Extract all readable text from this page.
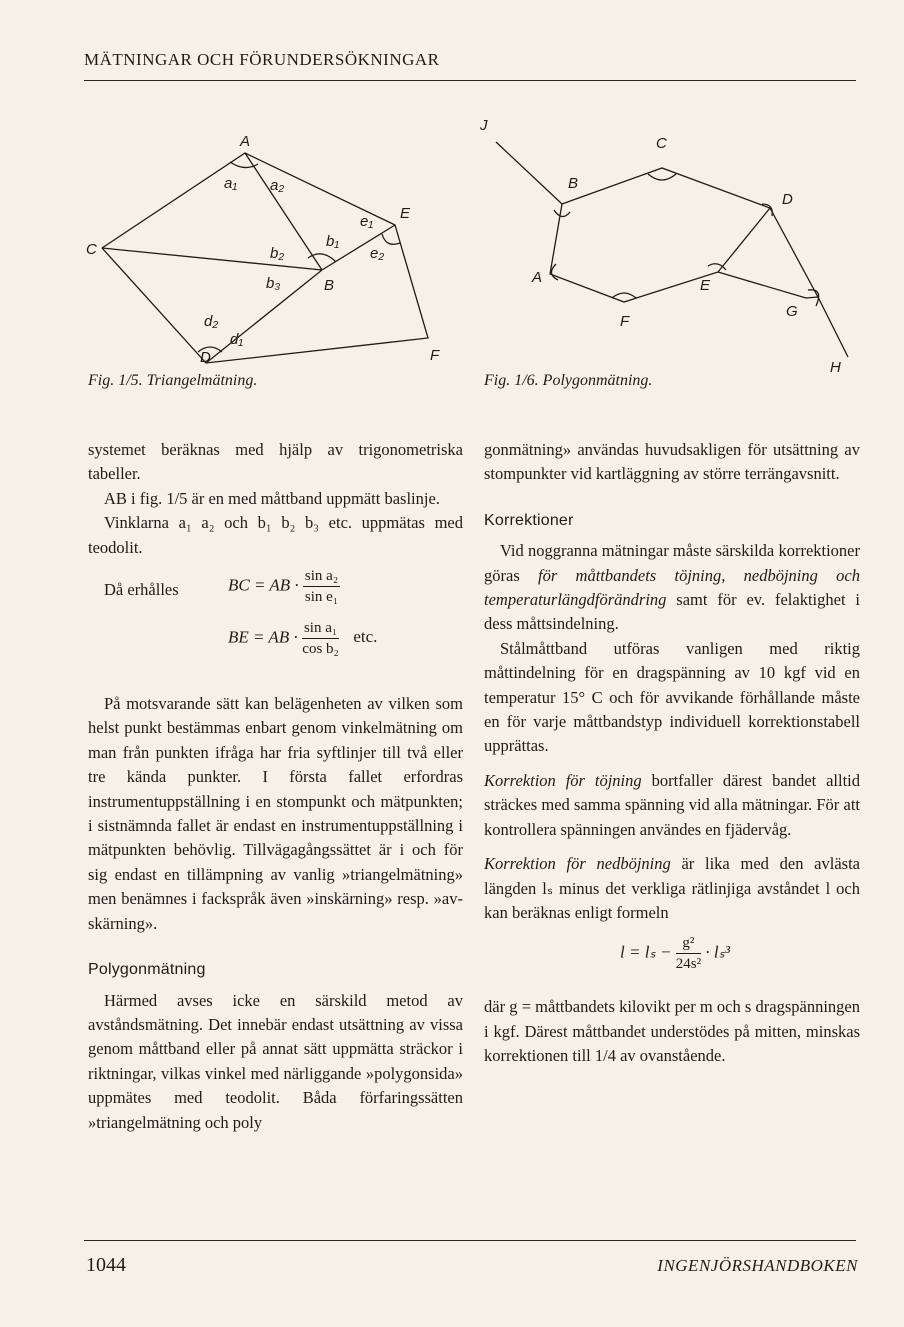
MÄTNINGAR OCH FÖRUNDERSÖKNINGAR
A
C
B
E
D	F
a₁ a₂
b₁
b₂
b₃
e₁
e₂
d₂
d₁
Fig. 1/5. Triangelmätning.
J
B
C
D
A	E
F
G
H
Fig. 1/6. Polygonmätning.

systemet beräknas med hjälp av trigonometriska tabeller.

AB i fig. 1/5 är en med måttband uppmätt baslinje.

Vinklarna a₁ a₂ och b₁ b₂ b₃ etc. uppmätas med teodolit.

Då erhålles	BC = AB · $\frac{\text{sin a₂}}{\text{sin e₁}}$
BE = AB · $\frac{\text{sin a₁}}{\text{cos b₂}}$ etc.

På motsvarande sätt kan belägenheten av vilken som helst punkt bestämmas enbart genom vinkelmätning om man från punkten ifråga har fria syftlinjer till två eller tre kända punkter. I första fallet erfordras instrumentuppställning i en stompunkt och mätpunkten; i sistnämnda fallet är endast en instrumentuppställning i mätpunkten behövlig. Tillvägagångssättet är i och för sig endast en tillämpning av vanlig »triangelmätning» men benämnes i fackspråk även »inskärning» resp. »avskärning».

Polygonmätning

Härmed avses icke en särskild metod av avståndsmätning. Det innebär endast utsättning av vissa genom måttband eller på annat sätt uppmätta sträckor i riktningar, vilkas vinkel med närliggande »polygonsida» uppmätes med teodolit. Båda förfaringssätten »triangelmätning och poly

gonmätning» användas huvudsakligen för utsättning av stompunkter vid kartläggning av större terrängavsnitt.

Korrektioner

Vid noggranna mätningar måste särskilda korrektioner göras för måttbandets töjning, nedböjning och temperaturlängdförändring samt för ev. felaktighet i dess måttsindelning.

Stålmåttband utföras vanligen med riktig måttindelning för en dragspänning av 10 kgf vid en temperatur 15° C och för avvikande förhållande måste en för varje måttbandstyp individuell korrektionstabell upprättas.

Korrektion för töjning bortfaller därest bandet alltid sträckes med samma spänning vid alla mätningar. För att kontrollera spänningen användes en fjädervåg.

Korrektion för nedböjning är lika med den avlästa längden lₛ minus det verkliga rätlinjiga avståndet l och kan beräknas enligt formeln

$l = l_s - \frac{\text{g²}}{\text{24s²}} \cdot l_s^3$

där g = måttbandets kilovikt per m och s dragspänningen i kgf. Därest måttbandet understödes på mitten, minskas korrektionen till 1/4 av ovanstående.

1044	INGENJÖRSHANDBOKEN
